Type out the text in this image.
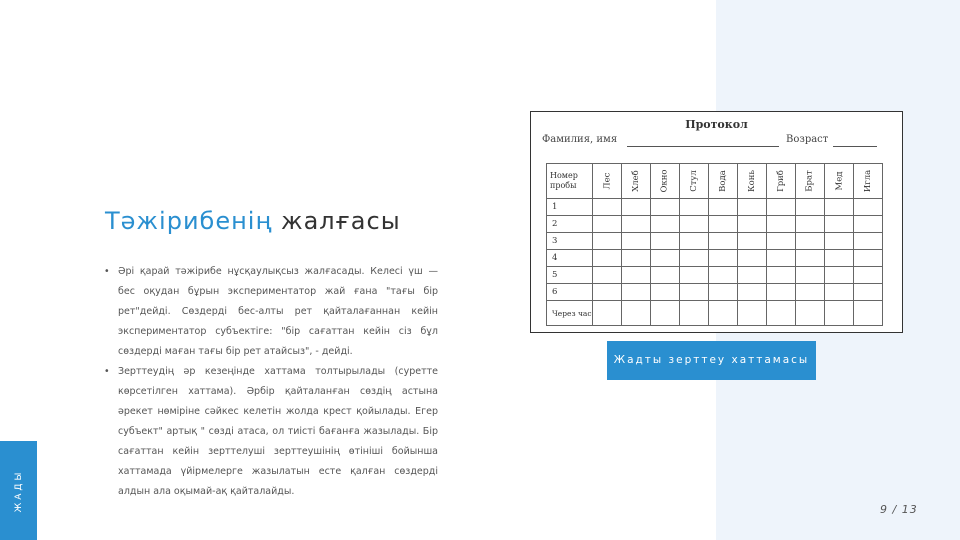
ЖАДЫ
Тәжірибенің жалғасы
• Әрі қарай тәжірибе нұсқаулықсыз жалғасады. Келесі үш — бес оқудан бұрын экспериментатор жай ғана "тағы бір рет"дейді. Сөздерді бес-алты рет қайталағаннан кейін экспериментатор субъектіге: "бір сағаттан кейін сіз бұл сөздерді маған тағы бір рет атайсыз", - дейді.
• Зерттеудің әр кезеңінде хаттама толтырылады (суретте көрсетілген хаттама). Әрбір қайталанған сөздің астына әрекет нөміріне сәйкес келетін жолда крест қойылады. Егер субъект" артық " сөзді атаса, ол тиісті бағанға жазылады. Бір сағаттан кейін зерттелуші зерттеушінің өтініші бойынша хаттамада үйірмелерге жазылатын есте қалған сөздерді алдын ала оқымай-ақ қайталайды.
Протокол
Фамилия, имя	Возраст
Номер пробы	Лес	Хлеб	Окно	Стул	Вода	Конь	Гриб	Брат	Мед	Игла
1										
2										
3										
4										
5										
6										
Через час										
Жадты зерттеу хаттамасы
9 / 13
